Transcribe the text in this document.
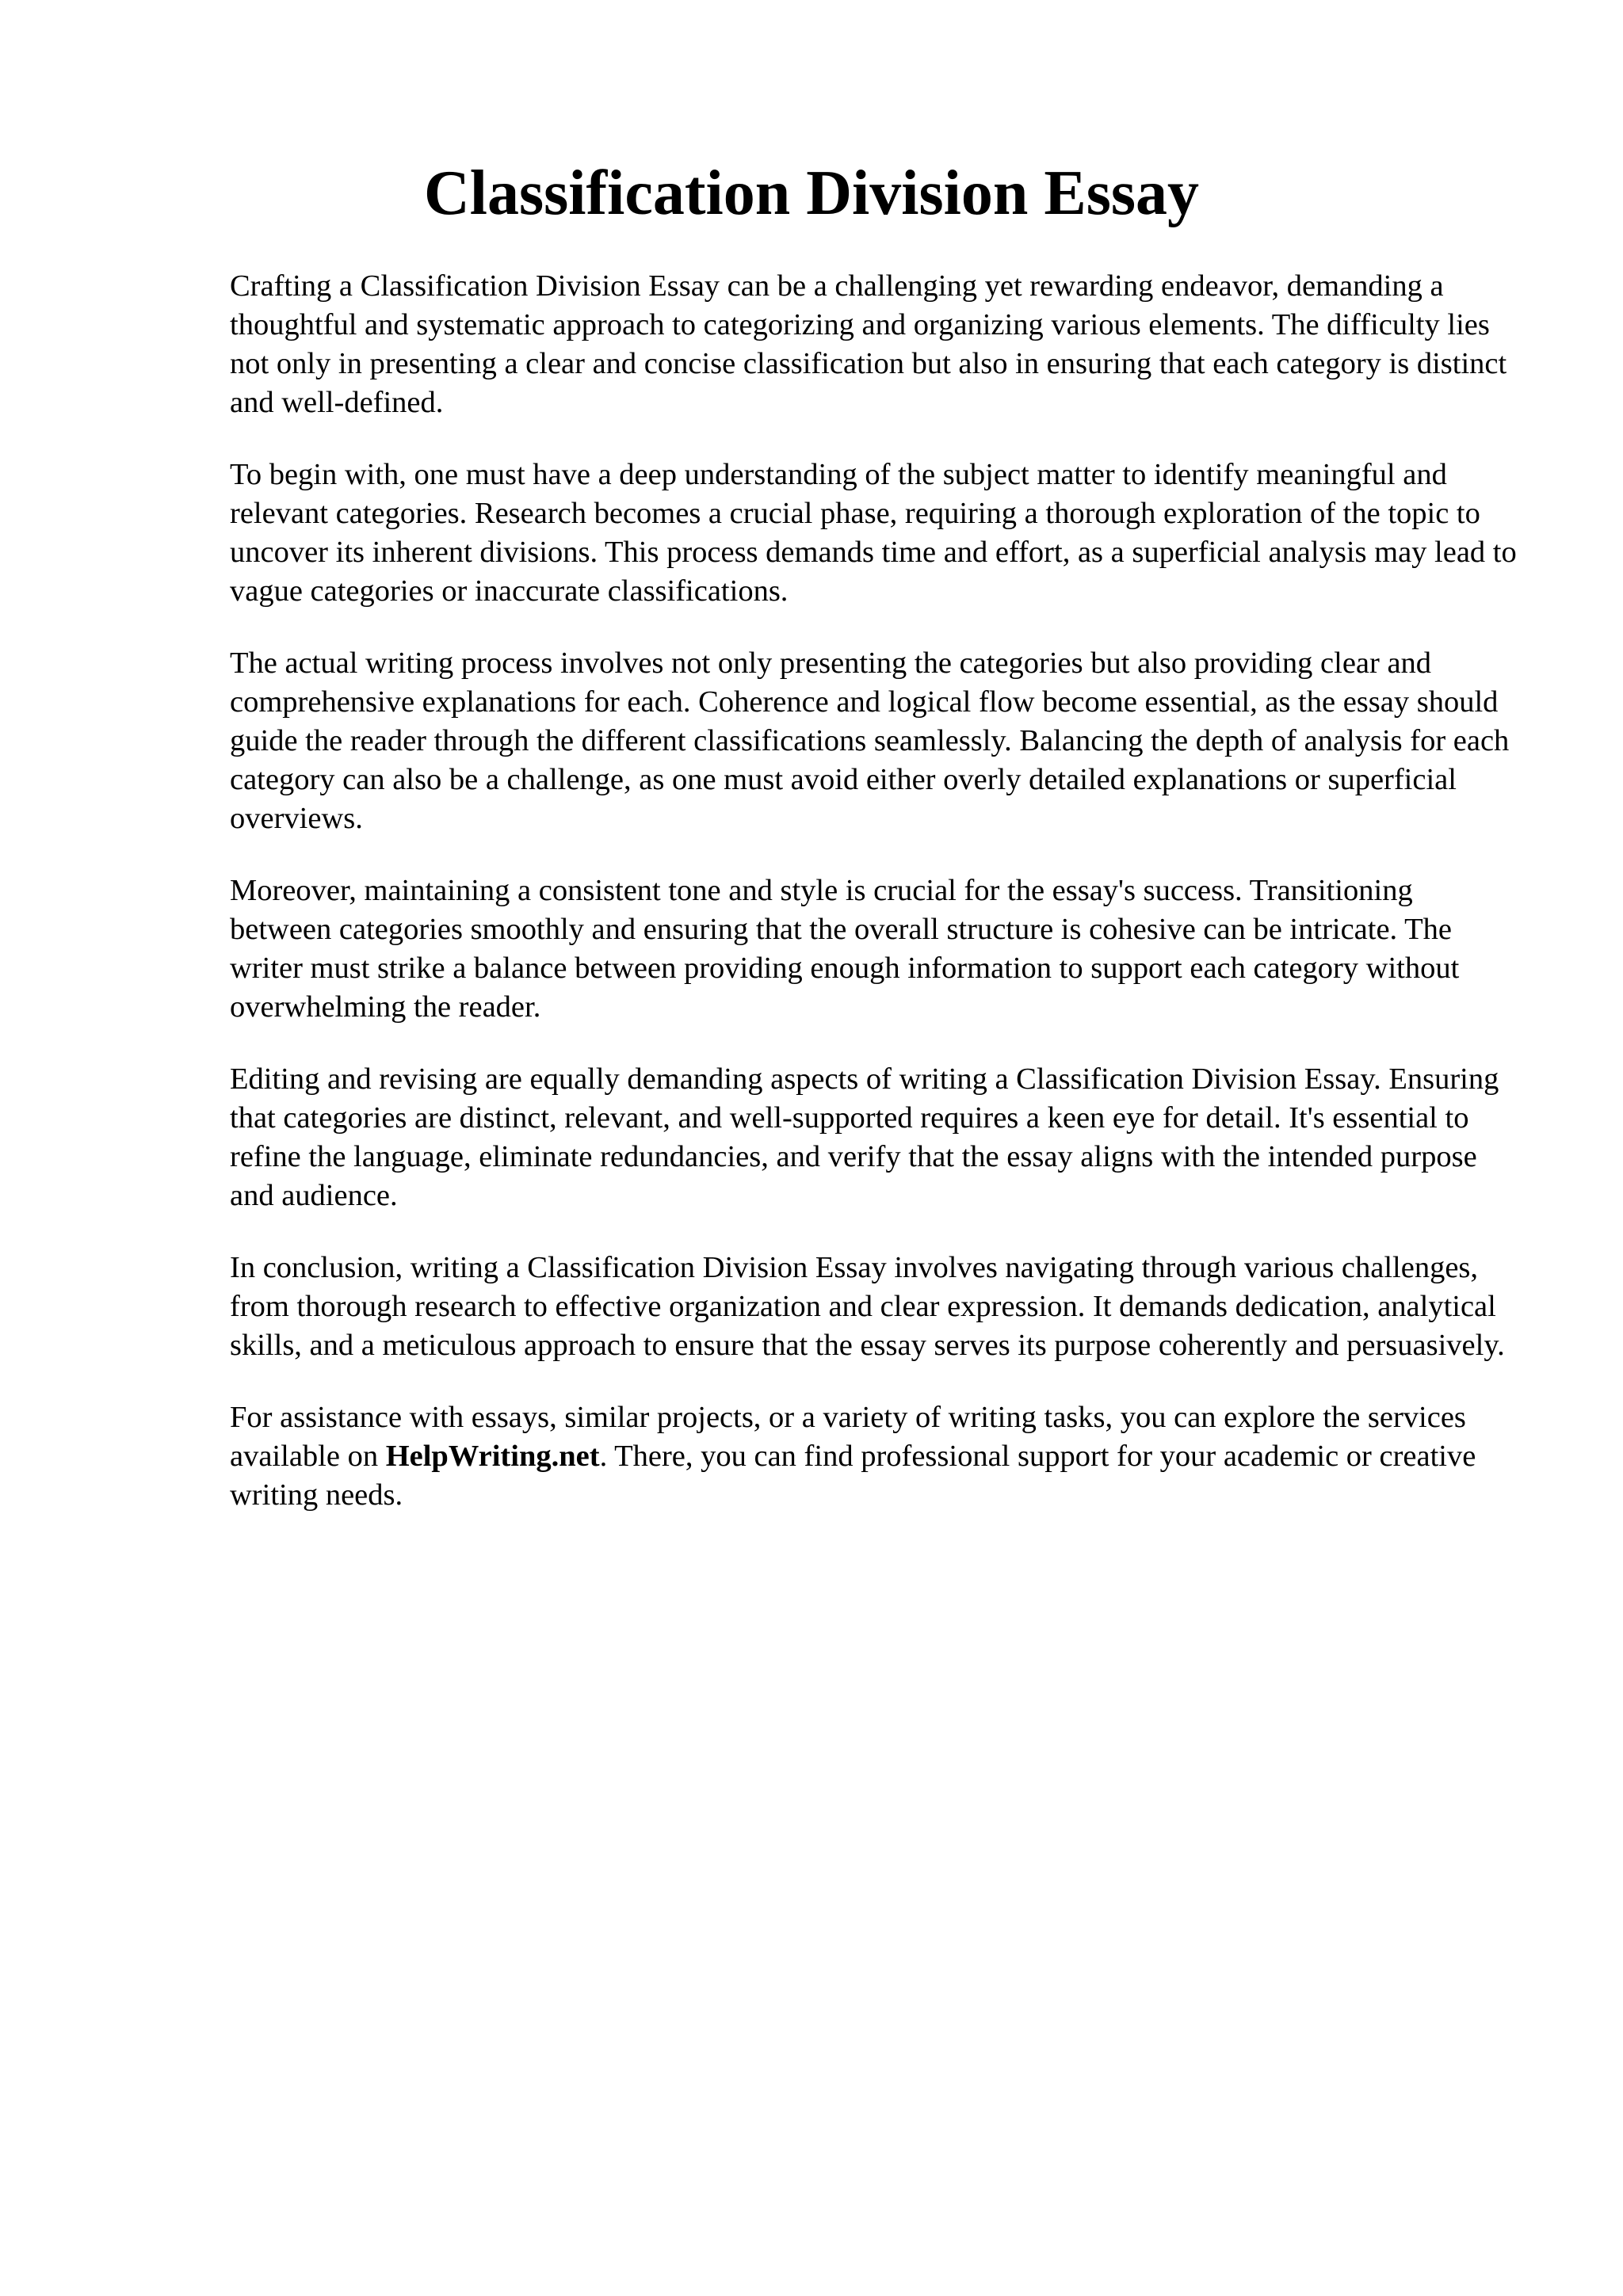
Classification Division Essay

Crafting a Classification Division Essay can be a challenging yet rewarding endeavor, demanding a thoughtful and systematic approach to categorizing and organizing various elements. The difficulty lies not only in presenting a clear and concise classification but also in ensuring that each category is distinct and well-defined.

To begin with, one must have a deep understanding of the subject matter to identify meaningful and relevant categories. Research becomes a crucial phase, requiring a thorough exploration of the topic to uncover its inherent divisions. This process demands time and effort, as a superficial analysis may lead to vague categories or inaccurate classifications.

The actual writing process involves not only presenting the categories but also providing clear and comprehensive explanations for each. Coherence and logical flow become essential, as the essay should guide the reader through the different classifications seamlessly. Balancing the depth of analysis for each category can also be a challenge, as one must avoid either overly detailed explanations or superficial overviews.

Moreover, maintaining a consistent tone and style is crucial for the essay's success. Transitioning between categories smoothly and ensuring that the overall structure is cohesive can be intricate. The writer must strike a balance between providing enough information to support each category without overwhelming the reader.

Editing and revising are equally demanding aspects of writing a Classification Division Essay. Ensuring that categories are distinct, relevant, and well-supported requires a keen eye for detail. It's essential to refine the language, eliminate redundancies, and verify that the essay aligns with the intended purpose and audience.

In conclusion, writing a Classification Division Essay involves navigating through various challenges, from thorough research to effective organization and clear expression. It demands dedication, analytical skills, and a meticulous approach to ensure that the essay serves its purpose coherently and persuasively.

For assistance with essays, similar projects, or a variety of writing tasks, you can explore the services available on HelpWriting.net. There, you can find professional support for your academic or creative writing needs.
